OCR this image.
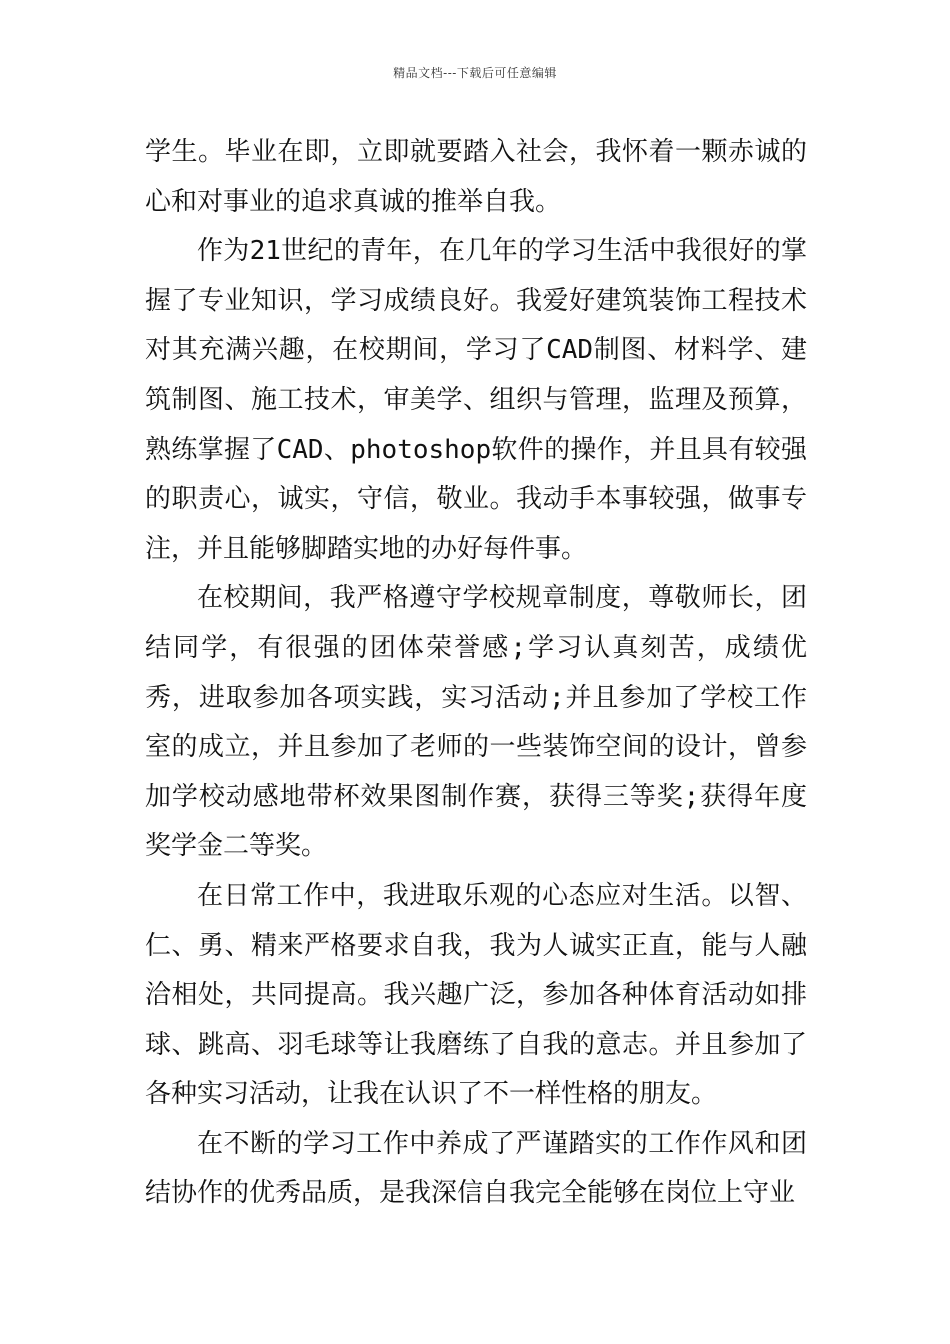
精品文档---下载后可任意编辑

学生。毕业在即，立即就要踏入社会，我怀着一颗赤诚的心和对事业的追求真诚的推举自我。

作为21世纪的青年，在几年的学习生活中我很好的掌握了专业知识，学习成绩良好。我爱好建筑装饰工程技术对其充满兴趣，在校期间，学习了CAD制图、材料学、建筑制图、施工技术，审美学、组织与管理，监理及预算，熟练掌握了CAD、photoshop软件的操作，并且具有较强的职责心，诚实，守信，敬业。我动手本事较强，做事专注，并且能够脚踏实地的办好每件事。

在校期间，我严格遵守学校规章制度，尊敬师长，团结同学，有很强的团体荣誉感;学习认真刻苦，成绩优秀，进取参加各项实践，实习活动;并且参加了学校工作室的成立，并且参加了老师的一些装饰空间的设计，曾参加学校动感地带杯效果图制作赛，获得三等奖;获得年度奖学金二等奖。

在日常工作中，我进取乐观的心态应对生活。以智、仁、勇、精来严格要求自我，我为人诚实正直，能与人融洽相处，共同提高。我兴趣广泛，参加各种体育活动如排球、跳高、羽毛球等让我磨练了自我的意志。并且参加了各种实习活动，让我在认识了不一样性格的朋友。

在不断的学习工作中养成了严谨踏实的工作作风和团结协作的优秀品质，是我深信自我完全能够在岗位上守业
